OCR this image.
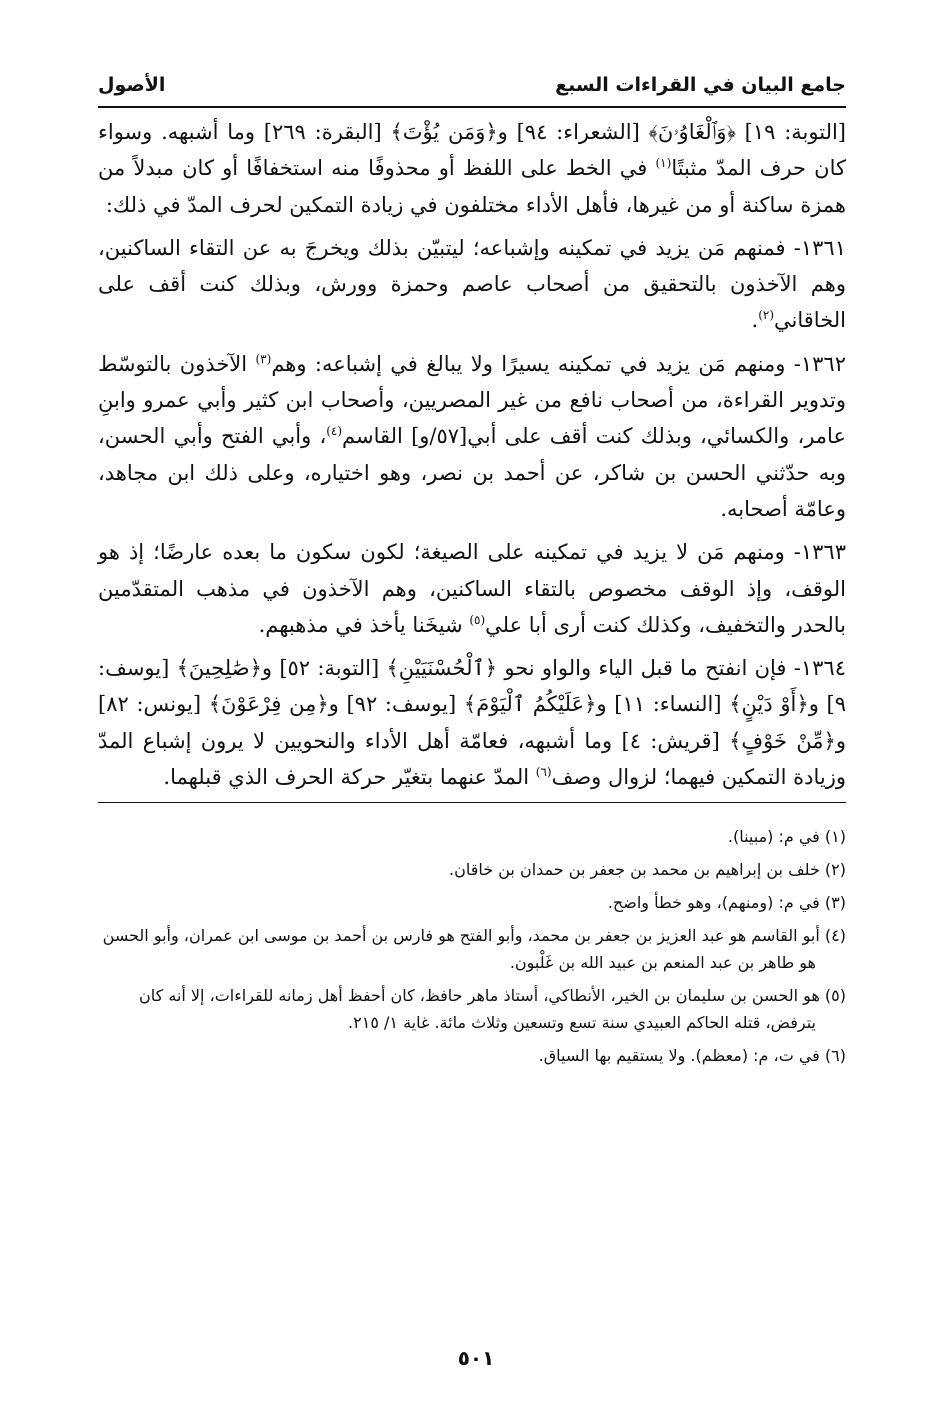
جامع البيان في القراءات السبع
الأصول

[التوبة: ١٩] ﴿وَٱلْغَاوُۥنَ﴾ [الشعراء: ٩٤] و﴿وَمَن يُؤْتَ﴾ [البقرة: ٢٦٩] وما أشبهه. وسواء كان حرف المدّ مثبتًا$^{(١)}$ في الخط على اللفظ أو محذوفًا منه استخفافًا أو كان مبدلاً من همزة ساكنة أو من غيرها، فأهل الأداء مختلفون في زيادة التمكين لحرف المدّ في ذلك:

١٣٦١- فمنهم مَن يزيد في تمكينه وإشباعه؛ ليتبيّن بذلك ويخرجَ به عن التقاء الساكنين، وهم الآخذون بالتحقيق من أصحاب عاصم وحمزة وورش، وبذلك كنت أقف على الخاقاني$^{(٢)}$.

١٣٦٢- ومنهم مَن يزيد في تمكينه يسيرًا ولا يبالغ في إشباعه: وهم$^{(٣)}$ الآخذون بالتوسّط وتدوير القراءة، من أصحاب نافع من غير المصريين، وأصحاب ابن كثير وأبي عمرو وابنِ عامر، والكسائي، وبذلك كنت أقف على أبي[٥٧/و] القاسم$^{(٤)}$، وأبي الفتح وأبي الحسن، وبه حدّثني الحسن بن شاكر، عن أحمد بن نصر، وهو اختياره، وعلى ذلك ابن مجاهد، وعامّة أصحابه.

١٣٦٣- ومنهم مَن لا يزيد في تمكينه على الصيغة؛ لكون سكون ما بعده عارضًا؛ إذ هو الوقف، وإذ الوقف مخصوص بالتقاء الساكنين، وهم الآخذون في مذهب المتقدّمين بالحدر والتخفيف، وكذلك كنت أرى أبا علي$^{(٥)}$ شيخَنا يأخذ في مذهبهم.

١٣٦٤- فإن انفتح ما قبل الياء والواو نحو ﴿ٱلْحُسْنَيَيْنِ﴾ [التوبة: ٥٢] و﴿صَٰلِحِينَ﴾ [يوسف: ٩] و﴿أَوْ دَيْنٍ﴾ [النساء: ١١] و﴿عَلَيْكُمُ ٱلْيَوْمَ﴾ [يوسف: ٩٢] و﴿مِن فِرْعَوْنَ﴾ [يونس: ٨٢] و﴿مِّنْ خَوْفٍ﴾ [قريش: ٤] وما أشبهه، فعامّة أهل الأداء والنحويين لا يرون إشباع المدّ وزيادة التمكين فيهما؛ لزوال وصف$^{(٦)}$ المدّ عنهما بتغيّر حركة الحرف الذي قبلهما.

(١) في م: (مبينا).
(٢) خلف بن إبراهيم بن محمد بن جعفر بن حمدان بن خاقان.
(٣) في م: (ومنهم)، وهو خطأ واضح.
(٤) أبو القاسم هو عبد العزيز بن جعفر بن محمد، وأبو الفتح هو فارس بن أحمد بن موسى ابن عمران، وأبو الحسن هو طاهر بن عبد المنعم بن عبيد الله بن غَلْبون.
(٥) هو الحسن بن سليمان بن الخير، الأنطاكي، أستاذ ماهر حافظ، كان أحفظ أهل زمانه للقراءات، إلا أنه كان يترفض، قتله الحاكم العبيدي سنة تسع وتسعين وثلاث مائة. غاية ١/ ٢١٥.
(٦) في ت، م: (معظم). ولا يستقيم بها السياق.
٥٠١
